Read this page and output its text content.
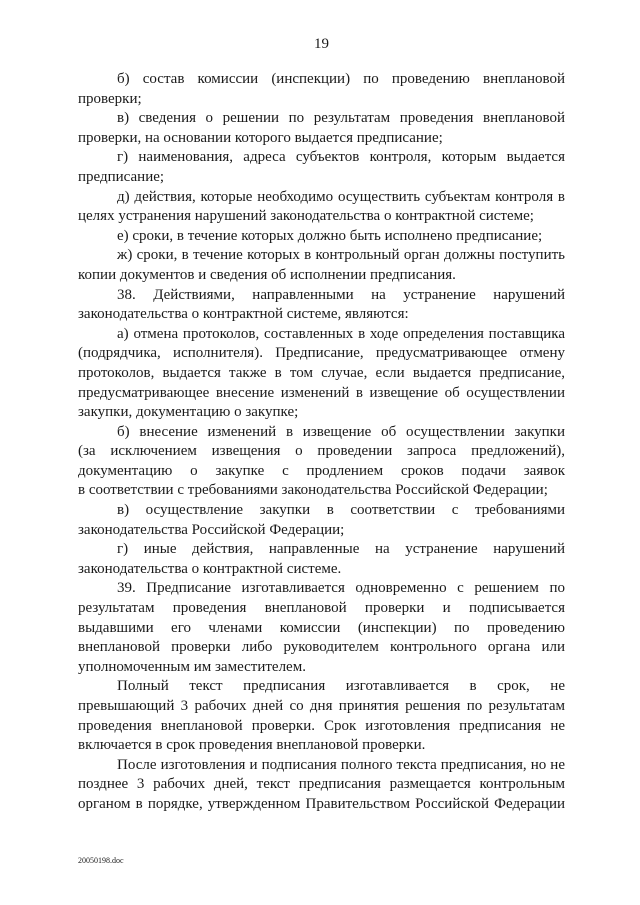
19
б) состав комиссии (инспекции) по проведению внеплановой
проверки;
в) сведения о решении по результатам проведения внеплановой
проверки, на основании которого выдается предписание;
г) наименования, адреса субъектов контроля, которым выдается
предписание;
д) действия, которые необходимо осуществить субъектам контроля в
целях устранения нарушений законодательства о контрактной системе;
е) сроки, в течение которых должно быть исполнено предписание;
ж) сроки, в течение которых в контрольный орган должны поступить
копии документов и сведения об исполнении предписания.
38. Действиями, направленными на устранение нарушений
законодательства о контрактной системе, являются:
а) отмена протоколов, составленных в ходе определения поставщика
(подрядчика, исполнителя). Предписание, предусматривающее отмену
протоколов, выдается также в том случае, если выдается предписание,
предусматривающее внесение изменений в извещение об осуществлении
закупки, документацию о закупке;
б) внесение изменений в извещение об осуществлении закупки
(за исключением извещения о проведении запроса предложений),
документацию о закупке с продлением сроков подачи заявок
в соответствии с требованиями законодательства Российской Федерации;
в) осуществление закупки в соответствии с требованиями
законодательства Российской Федерации;
г) иные действия, направленные на устранение нарушений
законодательства о контрактной системе.
39. Предписание изготавливается одновременно с решением по
результатам проведения внеплановой проверки и подписывается
выдавшими его членами комиссии (инспекции) по проведению
внеплановой проверки либо руководителем контрольного органа или
уполномоченным им заместителем.
Полный текст предписания изготавливается в срок, не
превышающий 3 рабочих дней со дня принятия решения по результатам
проведения внеплановой проверки. Срок изготовления предписания не
включается в срок проведения внеплановой проверки.
После изготовления и подписания полного текста предписания, но не
позднее 3 рабочих дней, текст предписания размещается контрольным
органом в порядке, утвержденном Правительством Российской Федерации
20050198.doc
